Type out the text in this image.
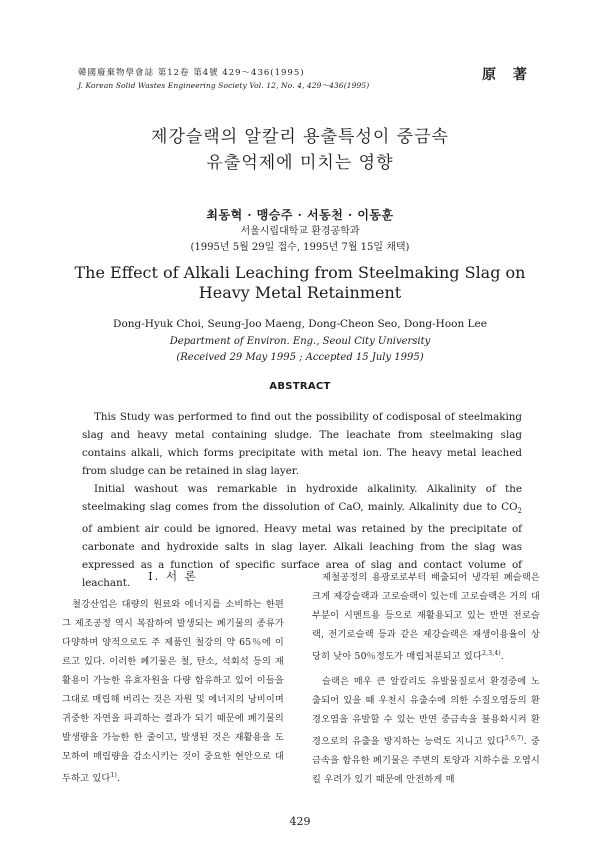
韓國廢棄物學會誌 第12卷 第4號 429～436(1995)
J. Korean Solid Wastes Engineering Society Vol. 12, No. 4, 429～436(1995)
原 著
제강슬랙의 알칼리 용출특성이 중금속
유출억제에 미치는 영향
최동혁 · 맹승주 · 서동천 · 이동훈
서울시립대학교 환경공학과
(1995년 5월 29일 접수, 1995년 7월 15일 채택)
The Effect of Alkali Leaching from Steelmaking Slag on
Heavy Metal Retainment
Dong-Hyuk Choi, Seung-Joo Maeng, Dong-Cheon Seo, Dong-Hoon Lee
Department of Environ. Eng., Seoul City University
(Received 29 May 1995 ; Accepted 15 July 1995)
ABSTRACT

This Study was performed to find out the possibility of codisposal of steelmaking slag and heavy metal containing sludge. The leachate from steelmaking slag contains alkali, which forms precipitate with metal ion. The heavy metal leached from sludge can be retained in slag layer.

Initial washout was remarkable in hydroxide alkalinity. Alkalinity of the steelmaking slag comes from the dissolution of CaO, mainly. Alkalinity due to $CO_2$ of ambient air could be ignored. Heavy metal was retained by the precipitate of carbonate and hydroxide salts in slag layer. Alkali leaching from the slag was expressed as a function of specific surface area of slag and contact volume of leachant.

Ⅰ. 서 론

철강산업은 대량의 원료와 에너지를 소비하는 한편 그 제조공정 역시 복잡하여 발생되는 폐기물의 종류가 다양하며 양적으로도 주 제품인 철강의 약 65％에 이르고 있다. 이러한 폐기물은 철, 탄소, 석회석 등의 재활용이 가능한 유효자원을 다량 함유하고 있어 이들을 그대로 매립해 버리는 것은 자원 및 에너지의 낭비이며 귀중한 자연을 파괴하는 결과가 되기 때문에 폐기물의 발생량을 가능한 한 줄이고, 발생된 것은 재활용을 도모하여 매립량을 감소시키는 것이 중요한 현안으로 대두하고 있다$^{1)}$.

제철공정의 용광로로부터 배출되어 냉각된 폐슬랙은 크게 제강슬랙과 고로슬랙이 있는데 고로슬랙은 거의 대부분이 시멘트용 등으로 재활용되고 있는 반면 전로슬랙, 전기로슬랙 등과 같은 제강슬랙은 재생이용율이 상당히 낮아 50％정도가 매립처분되고 있다$^{2,3,4)}$.

슬랙은 매우 큰 알칼리도 유발물질로서 환경중에 노출되어 있을 때 우천시 유출수에 의한 수질오염등의 환경오염을 유발할 수 있는 반면 중금속을 불용화시켜 환경으로의 유출을 방지하는 능력도 지니고 있다$^{5,6,7)}$. 중금속을 함유한 폐기물은 주변의 토양과 지하수를 오염시킬 우려가 있기 때문에 안전하게 매

429
